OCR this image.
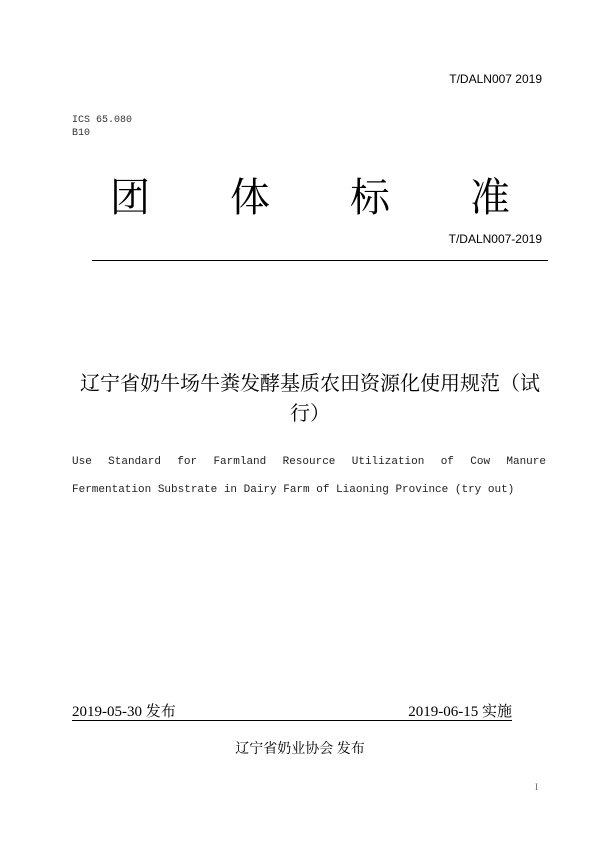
T/DALN007 2019
ICS 65.080
B10
团 体 标 准
T/DALN007-2019
辽宁省奶牛场牛粪发酵基质农田资源化使用规范（试行）
Use Standard for Farmland Resource Utilization of Cow Manure Fermentation Substrate in Dairy Farm of Liaoning Province (try out)
2019-05-30 发布	2019-06-15 实施
辽宁省奶业协会 发布
I
